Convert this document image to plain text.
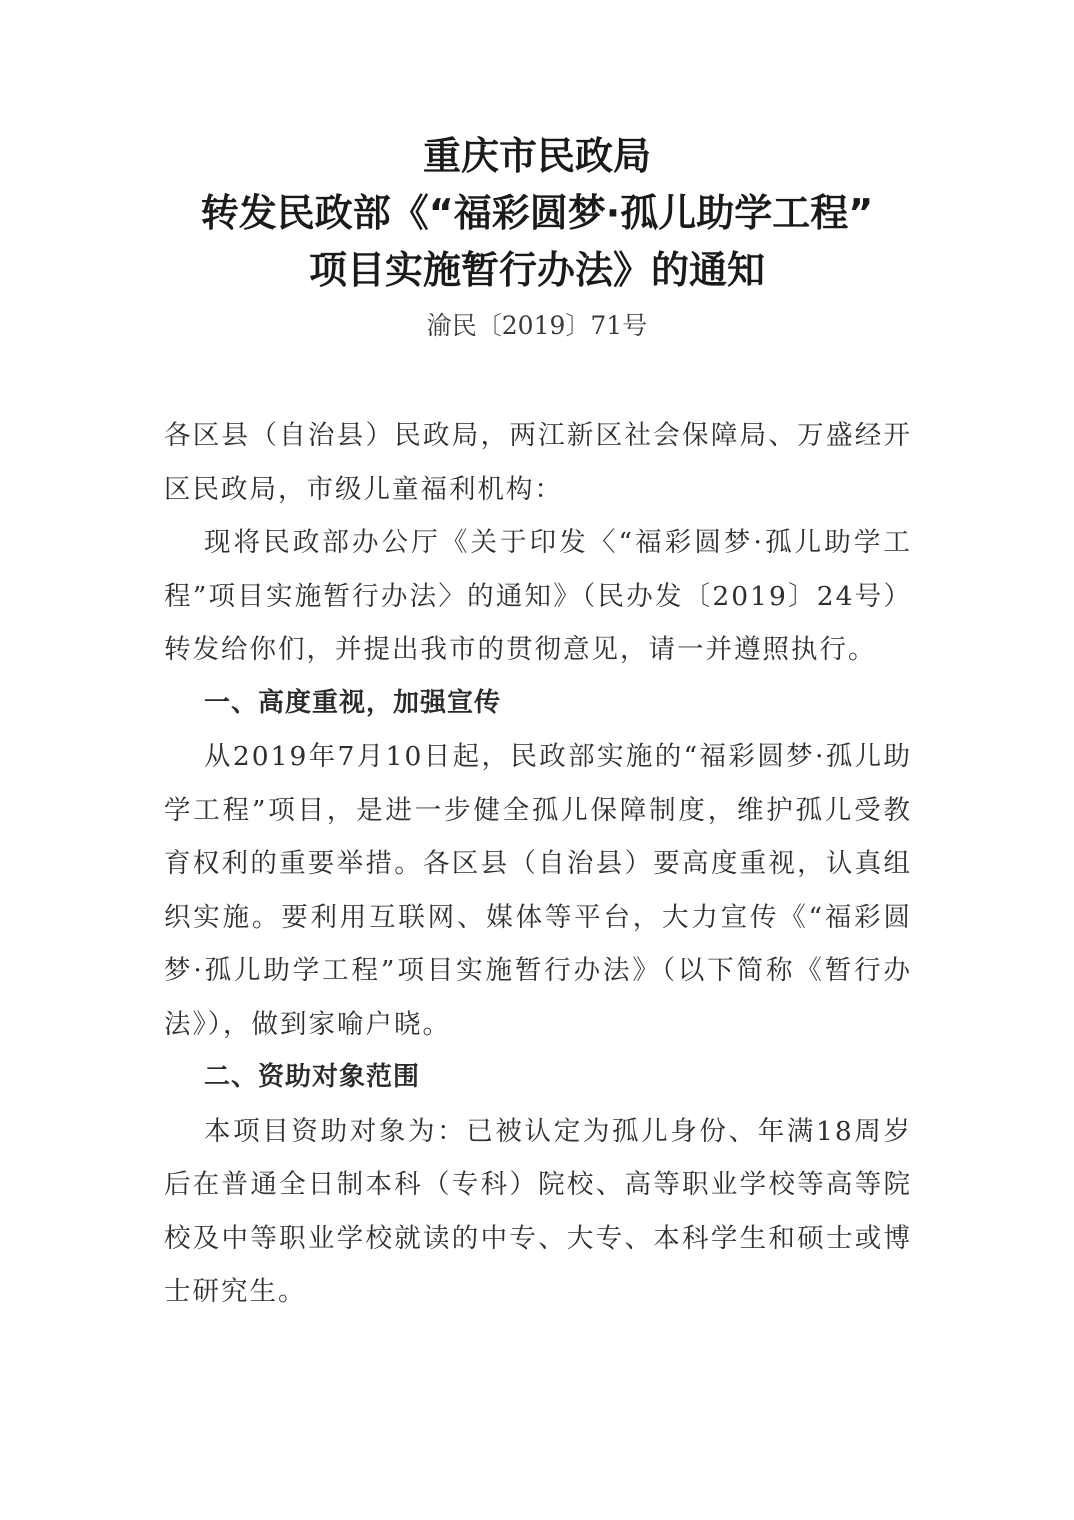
重庆市民政局
转发民政部《“福彩圆梦·孤儿助学工程”
项目实施暂行办法》的通知
渝民〔2019〕71号

各区县（自治县）民政局，两江新区社会保障局、万盛经开区民政局，市级儿童福利机构：

现将民政部办公厅《关于印发〈“福彩圆梦·孤儿助学工程”项目实施暂行办法〉的通知》（民办发〔2019〕24号）转发给你们，并提出我市的贯彻意见，请一并遵照执行。

一、高度重视，加强宣传

从2019年7月10日起，民政部实施的“福彩圆梦·孤儿助学工程”项目，是进一步健全孤儿保障制度，维护孤儿受教育权利的重要举措。各区县（自治县）要高度重视，认真组织实施。要利用互联网、媒体等平台，大力宣传《“福彩圆梦·孤儿助学工程”项目实施暂行办法》（以下简称《暂行办法》），做到家喻户晓。

二、资助对象范围

本项目资助对象为：已被认定为孤儿身份、年满18周岁后在普通全日制本科（专科）院校、高等职业学校等高等院校及中等职业学校就读的中专、大专、本科学生和硕士或博士研究生。
